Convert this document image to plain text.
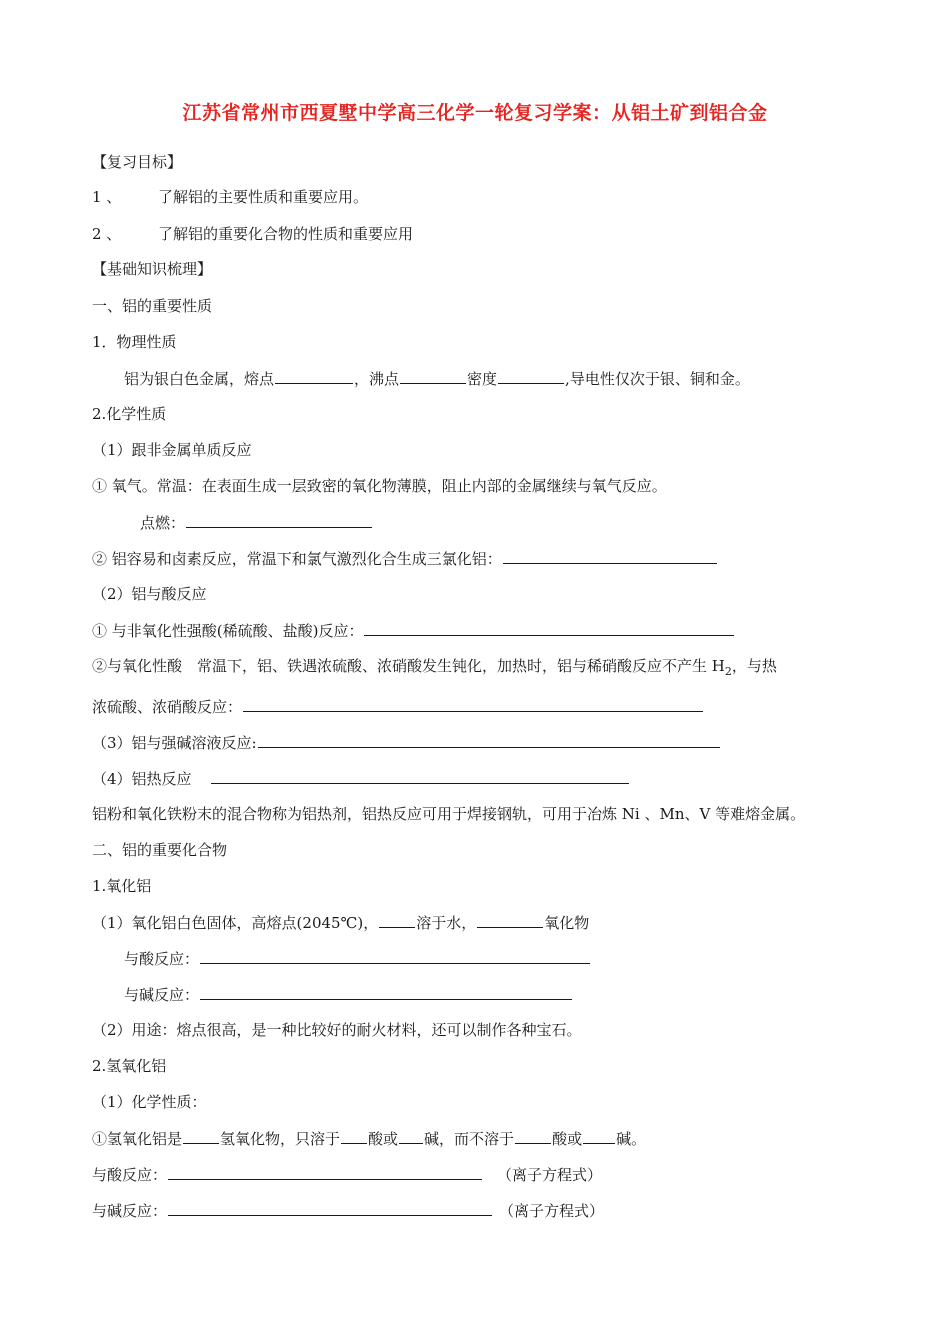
江苏省常州市西夏墅中学高三化学一轮复习学案：从铝土矿到铝合金
【复习目标】
1 、 了解铝的主要性质和重要应用。
2 、 了解铝的重要化合物的性质和重要应用
【基础知识梳理】
一、铝的重要性质
1．物理性质
铝为银白色金属，熔点	，沸点	密度	,导电性仅次于银、铜和金。
2.化学性质
（1）跟非金属单质反应
① 氧气。常温：在表面生成一层致密的氧化物薄膜，阻止内部的金属继续与氧气反应。
点燃：
② 铝容易和卤素反应，常温下和氯气激烈化合生成三氯化铝：
（2）铝与酸反应
① 与非氧化性强酸(稀硫酸、盐酸)反应：
②与氧化性酸　常温下，铝、铁遇浓硫酸、浓硝酸发生钝化，加热时，铝与稀硝酸反应不产生 $H_2$，与热
浓硫酸、浓硝酸反应：
（3）铝与强碱溶液反应:
（4）铝热反应
铝粉和氧化铁粉末的混合物称为铝热剂，铝热反应可用于焊接钢轨，可用于冶炼 Ni 、Mn、V 等难熔金属。
二、铝的重要化合物
1.氧化铝
（1）氧化铝白色固体，高熔点(2045℃)，	溶于水，	氧化物
与酸反应：
与碱反应：
（2）用途：熔点很高，是一种比较好的耐火材料，还可以制作各种宝石。
2.氢氧化铝
（1）化学性质：
①氢氧化铝是	氢氧化物，只溶于 酸或 碱，而不溶于	酸或 碱。
与酸反应：	（离子方程式）
与碱反应：	（离子方程式）
